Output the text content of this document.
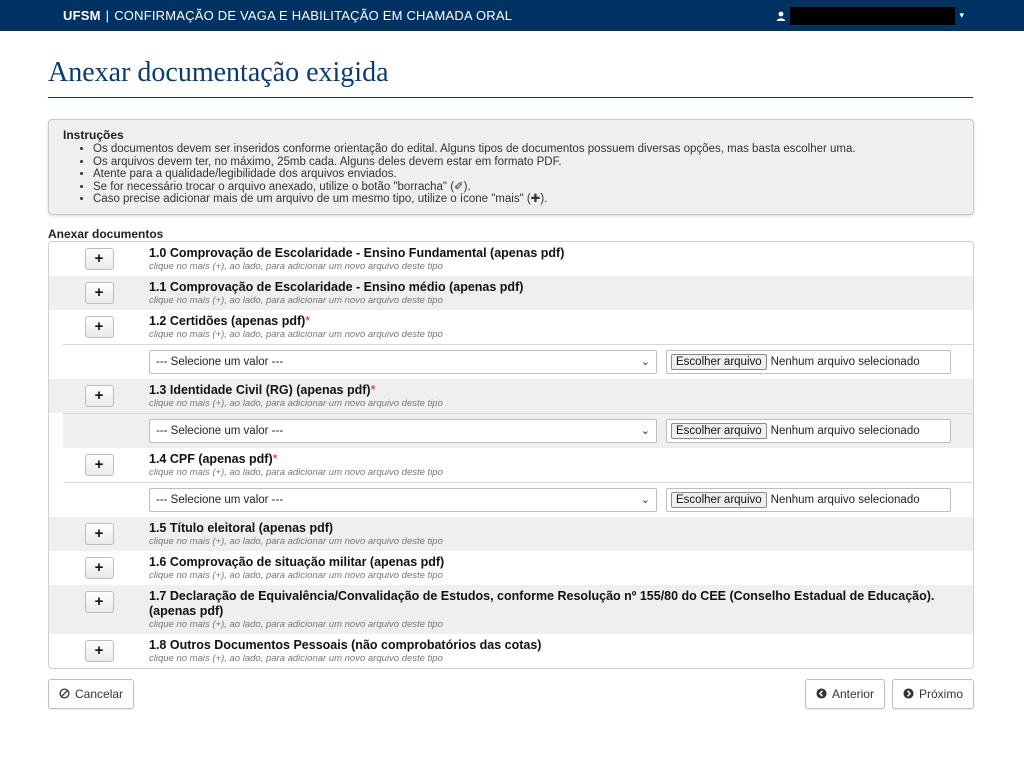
UFSM | CONFIRMAÇÃO DE VAGA E HABILITAÇÃO EM CHAMADA ORAL	▾
Anexar documentação exigida
Instruções
• Os documentos devem ser inseridos conforme orientação do edital. Alguns tipos de documentos possuem diversas opções, mas basta escolher uma.
• Os arquivos devem ter, no máximo, 25mb cada. Alguns deles devem estar em formato PDF.
• Atente para a qualidade/legibilidade dos arquivos enviados.
• Se for necessário trocar o arquivo anexado, utilize o botão "borracha" (✐).
• Caso precise adicionar mais de um arquivo de um mesmo tipo, utilize o ícone "mais" (✚).
Anexar documentos
+	1.0 Comprovação de Escolaridade - Ensino Fundamental (apenas pdf)
clique no mais (+), ao lado, para adicionar um novo arquivo deste tipo
+	1.1 Comprovação de Escolaridade - Ensino médio (apenas pdf)
clique no mais (+), ao lado, para adicionar um novo arquivo deste tipo
+	1.2 Certidões (apenas pdf)*
clique no mais (+), ao lado, para adicionar um novo arquivo deste tipo
--- Selecione um valor ---	⌄	Escolher arquivo Nenhum arquivo selecionado
+	1.3 Identidade Civil (RG) (apenas pdf)*
clique no mais (+), ao lado, para adicionar um novo arquivo deste tipo
--- Selecione um valor ---	⌄	Escolher arquivo Nenhum arquivo selecionado
+	1.4 CPF (apenas pdf)*
clique no mais (+), ao lado, para adicionar um novo arquivo deste tipo
--- Selecione um valor ---	⌄	Escolher arquivo Nenhum arquivo selecionado
+	1.5 Título eleitoral (apenas pdf)
clique no mais (+), ao lado, para adicionar um novo arquivo deste tipo
+	1.6 Comprovação de situação militar (apenas pdf)
clique no mais (+), ao lado, para adicionar um novo arquivo deste tipo
+	1.7 Declaração de Equivalência/Convalidação de Estudos, conforme Resolução nº 155/80 do CEE (Conselho Estadual de Educação). (apenas pdf)
clique no mais (+), ao lado, para adicionar um novo arquivo deste tipo
+	1.8 Outros Documentos Pessoais (não comprobatórios das cotas)
clique no mais (+), ao lado, para adicionar um novo arquivo deste tipo
Cancelar	Anterior	Próximo
